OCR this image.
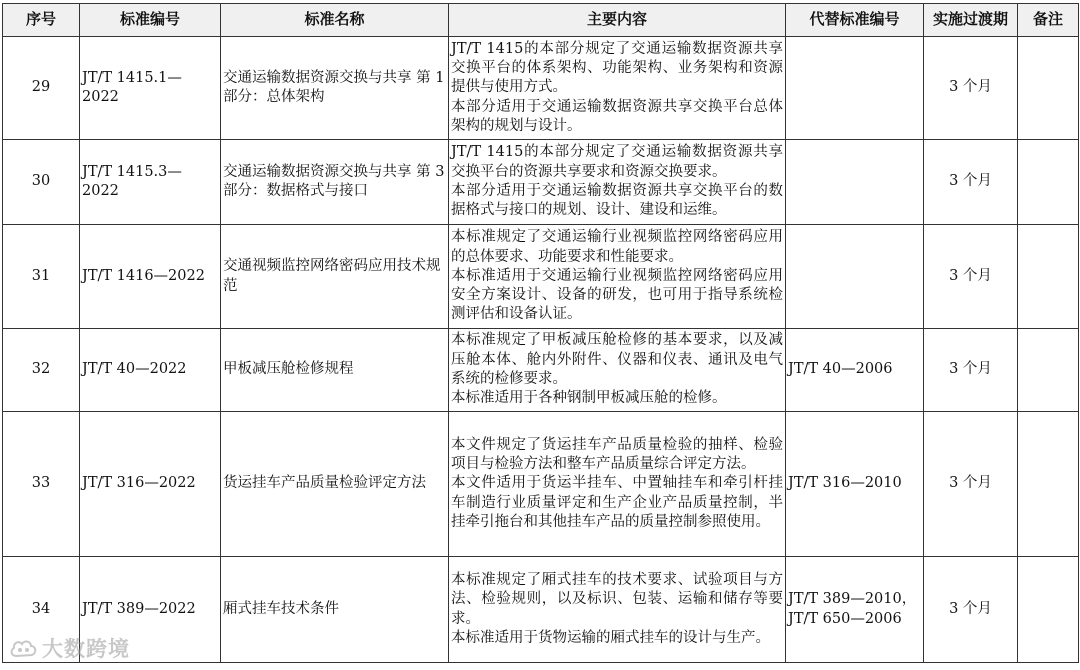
序号	标准编号	标准名称	主要内容	代替标准编号	实施过渡期	备注
29	JT/T 1415.1—2022	交通运输数据资源交换与共享 第 1 部分：总体架构	JT/T 1415的本部分规定了交通运输数据资源共享交换平台的体系架构、功能架构、业务架构和资源提供与使用方式。
本部分适用于交通运输数据资源共享交换平台总体架构的规划与设计。		3 个月	
30	JT/T 1415.3—2022	交通运输数据资源交换与共享 第 3 部分：数据格式与接口	JT/T 1415的本部分规定了交通运输数据资源共享交换平台的资源共享要求和资源交换要求。
本部分适用于交通运输数据资源共享交换平台的数据格式与接口的规划、设计、建设和运维。		3 个月	
31	JT/T 1416—2022	交通视频监控网络密码应用技术规范	本标准规定了交通运输行业视频监控网络密码应用的总体要求、功能要求和性能要求。
本标准适用于交通运输行业视频监控网络密码应用安全方案设计、设备的研发，也可用于指导系统检测评估和设备认证。		3 个月	
32	JT/T 40—2022	甲板减压舱检修规程	本标准规定了甲板减压舱检修的基本要求，以及减压舱本体、舱内外附件、仪器和仪表、通讯及电气系统的检修要求。
本标准适用于各种钢制甲板减压舱的检修。	JT/T 40—2006	3 个月	
33	JT/T 316—2022	货运挂车产品质量检验评定方法	本文件规定了货运挂车产品质量检验的抽样、检验项目与检验方法和整车产品质量综合评定方法。
本文件适用于货运半挂车、中置轴挂车和牵引杆挂车制造行业质量评定和生产企业产品质量控制，半挂牵引拖台和其他挂车产品的质量控制参照使用。	JT/T 316—2010	3 个月	
34	JT/T 389—2022	厢式挂车技术条件	本标准规定了厢式挂车的技术要求、试验项目与方法、检验规则，以及标识、包装、运输和储存等要求。
本标准适用于货物运输的厢式挂车的设计与生产。	JT/T 389—2010，
JT/T 650—2006	3 个月	
大数跨境
